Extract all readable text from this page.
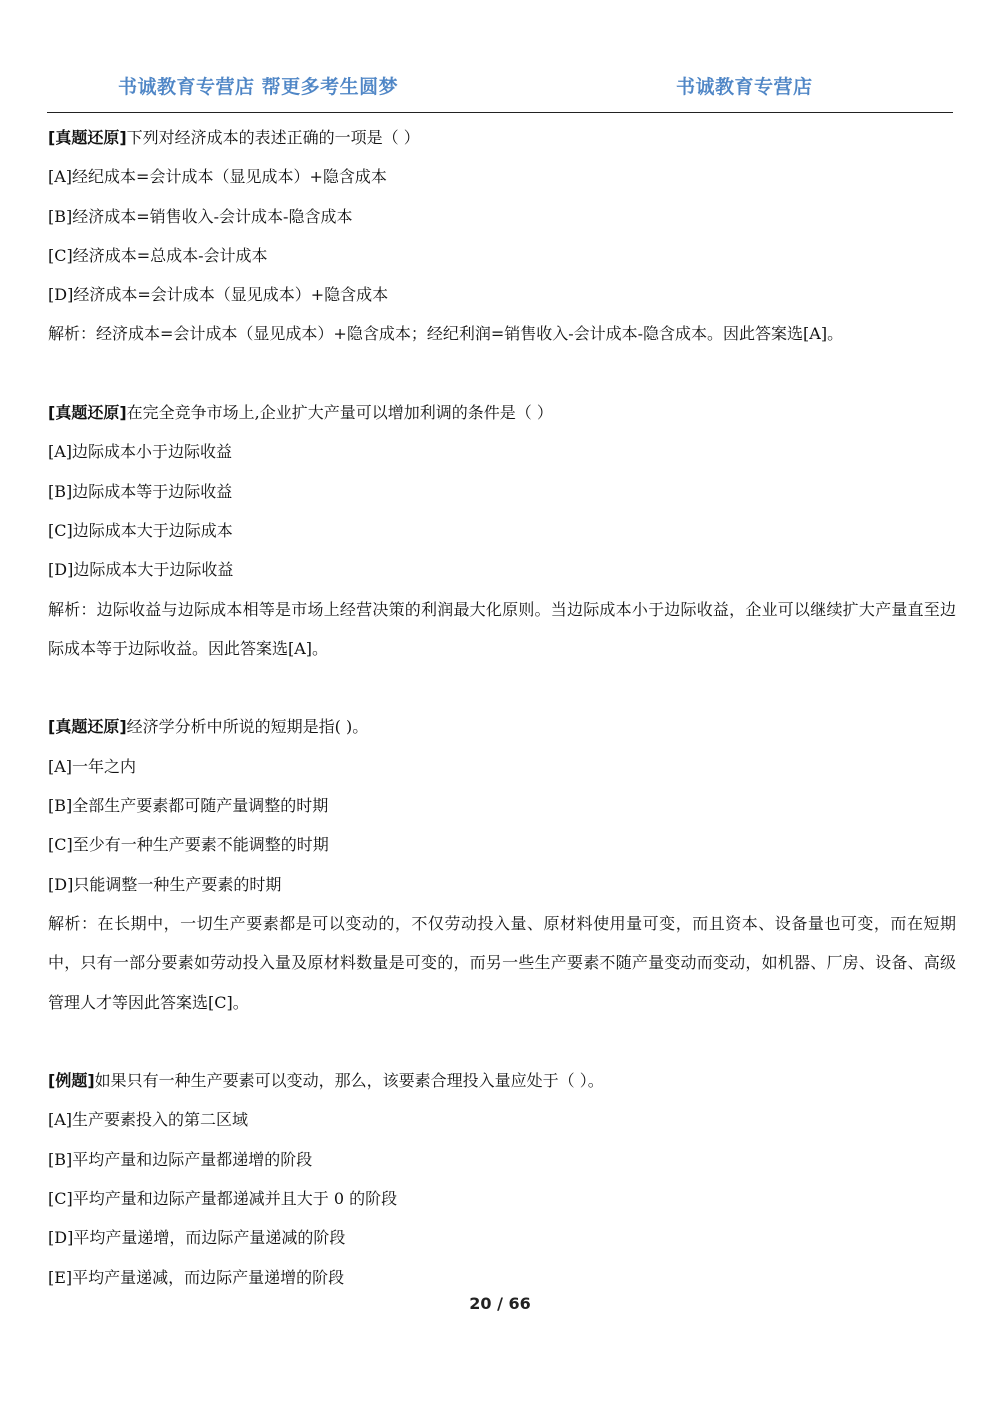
书诚教育专营店 帮更多考生圆梦	书诚教育专营店

[真题还原]下列对经济成本的表述正确的一项是（ ）

[A]经纪成本=会计成本（显见成本）+隐含成本

[B]经济成本=销售收入-会计成本-隐含成本

[C]经济成本=总成本-会计成本

[D]经济成本=会计成本（显见成本）+隐含成本

解析：经济成本=会计成本（显见成本）+隐含成本；经纪利润=销售收入-会计成本-隐含成本。因此答案选[A]。

[真题还原]在完全竞争市场上,企业扩大产量可以增加利调的条件是（ ）

[A]边际成本小于边际收益

[B]边际成本等于边际收益

[C]边际成本大于边际成本

[D]边际成本大于边际收益

解析：边际收益与边际成本相等是市场上经营决策的利润最大化原则。当边际成本小于边际收益，企业可以继续扩大产量直至边际成本等于边际收益。因此答案选[A]。

[真题还原]经济学分析中所说的短期是指( )。

[A]一年之内

[B]全部生产要素都可随产量调整的时期

[C]至少有一种生产要素不能调整的时期

[D]只能调整一种生产要素的时期

解析：在长期中，一切生产要素都是可以变动的，不仅劳动投入量、原材料使用量可变，而且资本、设备量也可变，而在短期中，只有一部分要素如劳动投入量及原材料数量是可变的，而另一些生产要素不随产量变动而变动，如机器、厂房、设备、高级管理人才等因此答案选[C]。

[例题]如果只有一种生产要素可以变动，那么，该要素合理投入量应处于（ ）。

[A]生产要素投入的第二区域

[B]平均产量和边际产量都递增的阶段

[C]平均产量和边际产量都递减并且大于 0 的阶段

[D]平均产量递增，而边际产量递减的阶段

[E]平均产量递减，而边际产量递增的阶段

20 / 66
